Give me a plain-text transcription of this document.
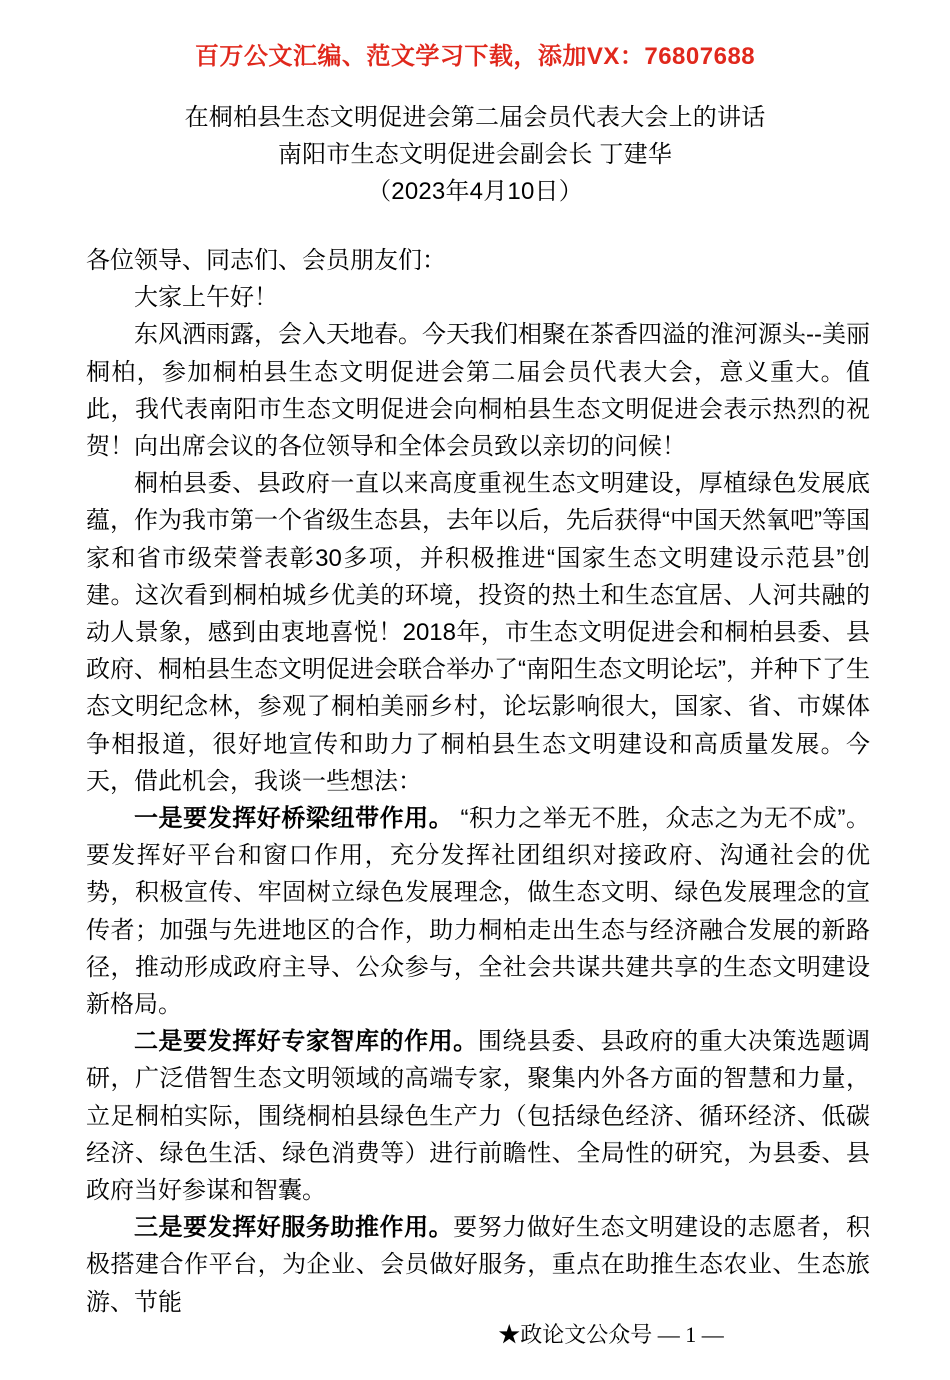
百万公文汇编、范文学习下载，添加VX：76807688
在桐柏县生态文明促进会第二届会员代表大会上的讲话
南阳市生态文明促进会副会长 丁建华
（2023年4月10日）

各位领导、同志们、会员朋友们：

大家上午好！

东风洒雨露，会入天地春。今天我们相聚在茶香四溢的淮河源头--美丽桐柏，参加桐柏县生态文明促进会第二届会员代表大会，意义重大。值此，我代表南阳市生态文明促进会向桐柏县生态文明促进会表示热烈的祝贺！向出席会议的各位领导和全体会员致以亲切的问候！

桐柏县委、县政府一直以来高度重视生态文明建设，厚植绿色发展底蕴，作为我市第一个省级生态县，去年以后，先后获得“中国天然氧吧”等国家和省市级荣誉表彰30多项，并积极推进“国家生态文明建设示范县”创建。这次看到桐柏城乡优美的环境，投资的热土和生态宜居、人河共融的动人景象，感到由衷地喜悦！2018年，市生态文明促进会和桐柏县委、县政府、桐柏县生态文明促进会联合举办了“南阳生态文明论坛”，并种下了生态文明纪念林，参观了桐柏美丽乡村，论坛影响很大，国家、省、市媒体争相报道，很好地宣传和助力了桐柏县生态文明建设和高质量发展。今天，借此机会，我谈一些想法：

一是要发挥好桥梁纽带作用。 “积力之举无不胜，众志之为无不成”。要发挥好平台和窗口作用，充分发挥社团组织对接政府、沟通社会的优势，积极宣传、牢固树立绿色发展理念，做生态文明、绿色发展理念的宣传者；加强与先进地区的合作，助力桐柏走出生态与经济融合发展的新路径，推动形成政府主导、公众参与，全社会共谋共建共享的生态文明建设新格局。

二是要发挥好专家智库的作用。围绕县委、县政府的重大决策选题调研，广泛借智生态文明领域的高端专家，聚集内外各方面的智慧和力量，立足桐柏实际，围绕桐柏县绿色生产力（包括绿色经济、循环经济、低碳经济、绿色生活、绿色消费等）进行前瞻性、全局性的研究，为县委、县政府当好参谋和智囊。

三是要发挥好服务助推作用。要努力做好生态文明建设的志愿者，积极搭建合作平台，为企业、会员做好服务，重点在助推生态农业、生态旅游、节能

★政论文公众号 — 1 —
